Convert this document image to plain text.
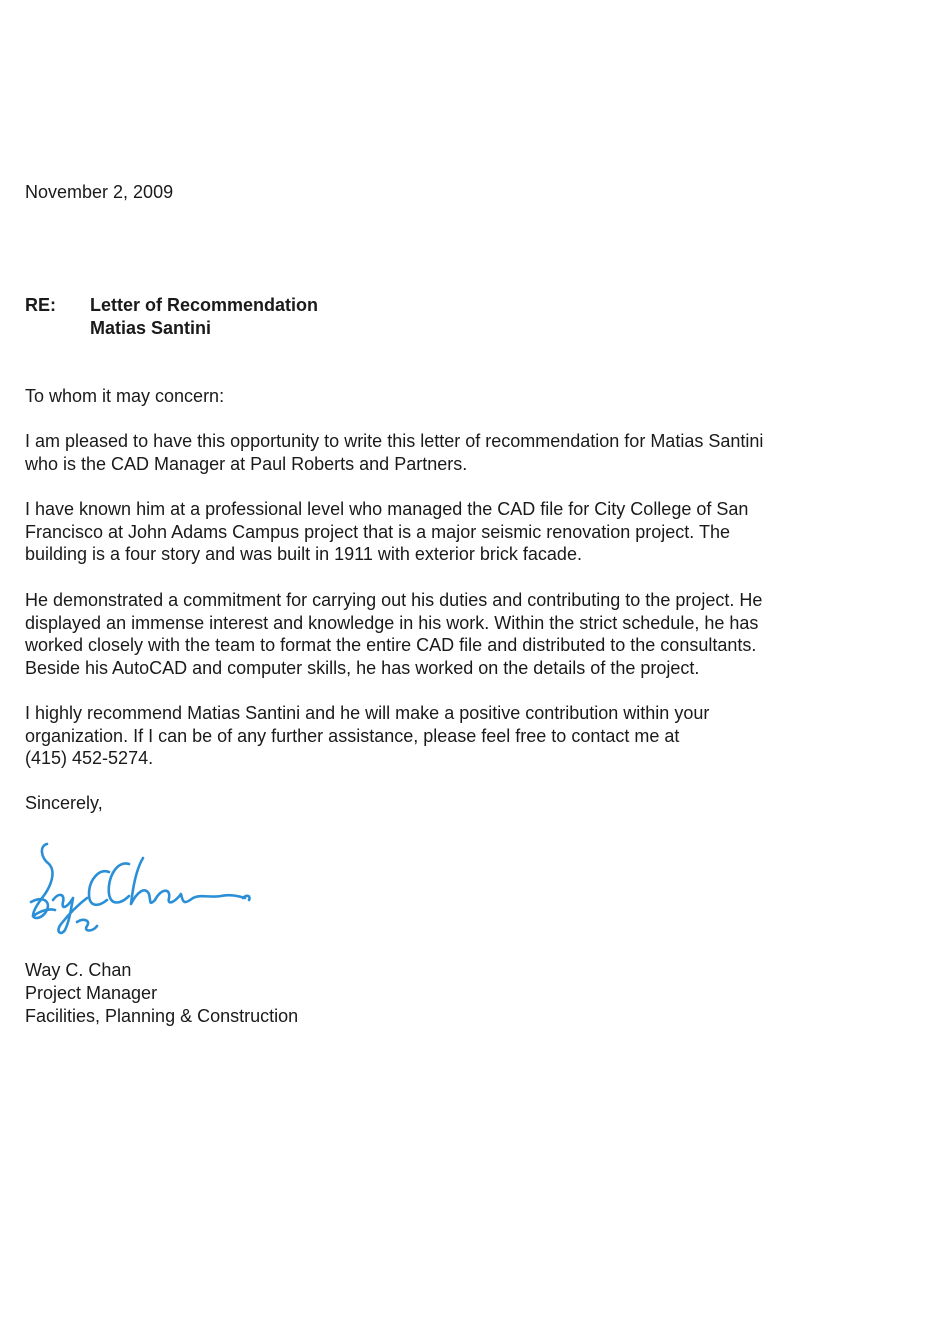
November 2, 2009
RE: Letter of Recommendation
Matias Santini
To whom it may concern:
I am pleased to have this opportunity to write this letter of recommendation for Matias Santini
who is the CAD Manager at Paul Roberts and Partners.
I have known him at a professional level who managed the CAD file for City College of San
Francisco at John Adams Campus project that is a major seismic renovation project. The
building is a four story and was built in 1911 with exterior brick facade.
He demonstrated a commitment for carrying out his duties and contributing to the project. He
displayed an immense interest and knowledge in his work. Within the strict schedule, he has
worked closely with the team to format the entire CAD file and distributed to the consultants.
Beside his AutoCAD and computer skills, he has worked on the details of the project.
I highly recommend Matias Santini and he will make a positive contribution within your
organization. If I can be of any further assistance, please feel free to contact me at
(415) 452-5274.
Sincerely,
Way C. Chan
Project Manager
Facilities, Planning & Construction
